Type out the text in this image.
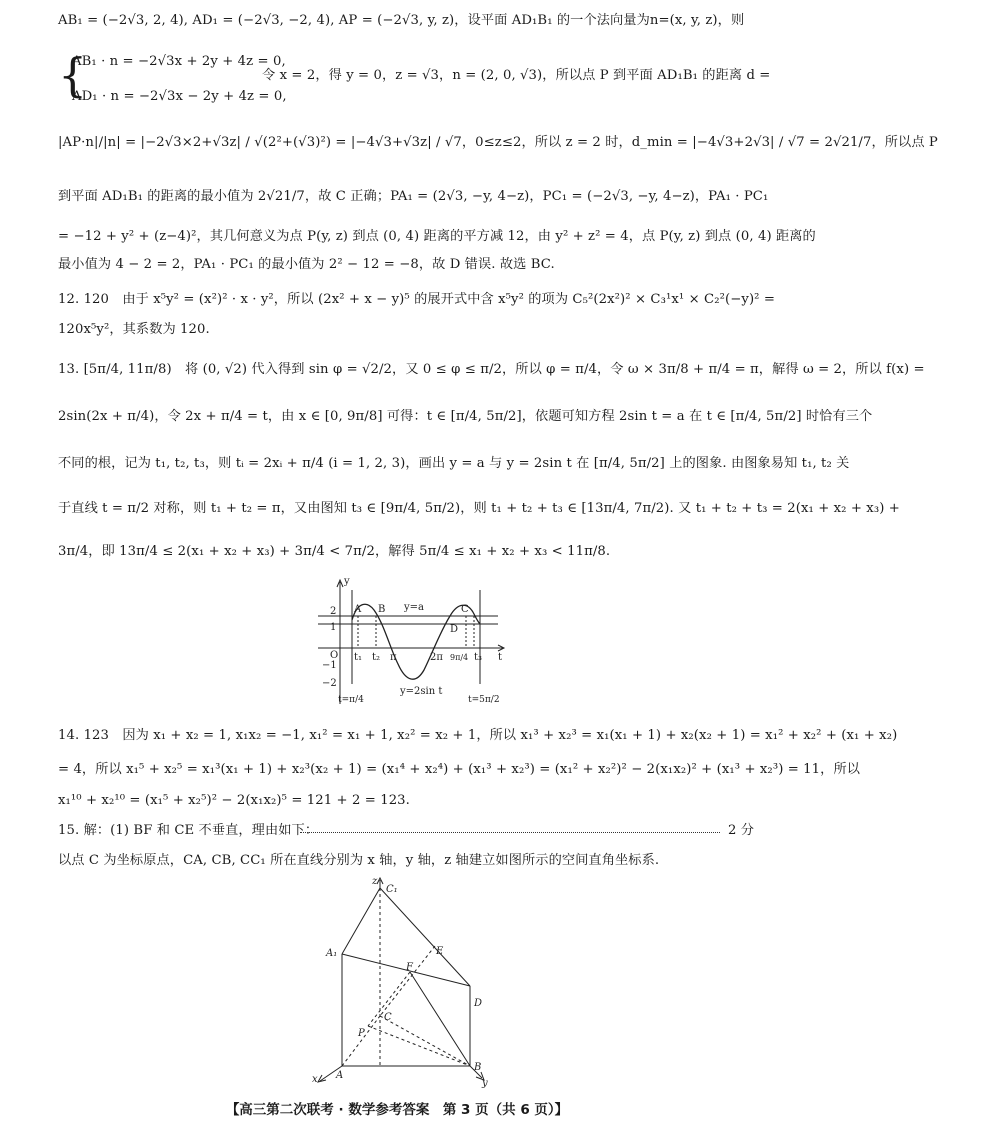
AB₁ = (−2√3, 2, 4), AD₁ = (−2√3, −2, 4), AP = (−2√3, y, z)，设平面 AD₁B₁ 的一个法向量为n=(x, y, z)，则
{
AB₁ · n = −2√3x + 2y + 4z = 0,
令 x = 2，得 y = 0，z = √3，n = (2, 0, √3)，所以点 P 到平面 AD₁B₁ 的距离 d =
AD₁ · n = −2√3x − 2y + 4z = 0,
|AP·n|/|n| = |−2√3×2+√3z| / √(2²+(√3)²) = |−4√3+√3z| / √7，0≤z≤2，所以 z = 2 时，d_min = |−4√3+2√3| / √7 = 2√21/7，所以点 P
到平面 AD₁B₁ 的距离的最小值为 2√21/7，故 C 正确；PA₁ = (2√3, −y, 4−z)，PC₁ = (−2√3, −y, 4−z)，PA₁ · PC₁
= −12 + y² + (z−4)²，其几何意义为点 P(y, z) 到点 (0, 4) 距离的平方减 12，由 y² + z² = 4，点 P(y, z) 到点 (0, 4) 距离的
最小值为 4 − 2 = 2，PA₁ · PC₁ 的最小值为 2² − 12 = −8，故 D 错误. 故选 BC.
12. 120　由于 x⁵y² = (x²)² · x · y²，所以 (2x² + x − y)⁵ 的展开式中含 x⁵y² 的项为 C₅²(2x²)² × C₃¹x¹ × C₂²(−y)² =
120x⁵y²，其系数为 120.
13. [5π/4, 11π/8)　将 (0, √2) 代入得到 sin φ = √2/2，又 0 ≤ φ ≤ π/2，所以 φ = π/4，令 ω × 3π/8 + π/4 = π，解得 ω = 2，所以 f(x) =
2sin(2x + π/4)，令 2x + π/4 = t，由 x ∈ [0, 9π/8] 可得：t ∈ [π/4, 5π/2]，依题可知方程 2sin t = a 在 t ∈ [π/4, 5π/2] 时恰有三个
不同的根，记为 t₁, t₂, t₃，则 tᵢ = 2xᵢ + π/4 (i = 1, 2, 3)，画出 y = a 与 y = 2sin t 在 [π/4, 5π/2] 上的图象. 由图象易知 t₁, t₂ 关
于直线 t = π/2 对称，则 t₁ + t₂ = π，又由图知 t₃ ∈ [9π/4, 5π/2)，则 t₁ + t₂ + t₃ ∈ [13π/4, 7π/2). 又 t₁ + t₂ + t₃ = 2(x₁ + x₂ + x₃) +
3π/4，即 13π/4 ≤ 2(x₁ + x₂ + x₃) + 3π/4 < 7π/2，解得 5π/4 ≤ x₁ + x₂ + x₃ < 11π/8.
y
t
O
2
1
−1
−2
y=a
y=2sin t
A B	C
D
t₁ t₂ π	2π 9π/4 t₃
t=π/4	t=5π/2
14. 123　因为 x₁ + x₂ = 1, x₁x₂ = −1, x₁² = x₁ + 1, x₂² = x₂ + 1，所以 x₁³ + x₂³ = x₁(x₁ + 1) + x₂(x₂ + 1) = x₁² + x₂² + (x₁ + x₂)
= 4，所以 x₁⁵ + x₂⁵ = x₁³(x₁ + 1) + x₂³(x₂ + 1) = (x₁⁴ + x₂⁴) + (x₁³ + x₂³) = (x₁² + x₂²)² − 2(x₁x₂)² + (x₁³ + x₂³) = 11，所以
x₁¹⁰ + x₂¹⁰ = (x₁⁵ + x₂⁵)² − 2(x₁x₂)⁵ = 121 + 2 = 123.
15. 解：(1) BF 和 CE 不垂直，理由如下：	2 分
以点 C 为坐标原点，CA, CB, CC₁ 所在直线分别为 x 轴，y 轴，z 轴建立如图所示的空间直角坐标系.
z
C₁
A₁	E
F
C
D
P
A
B
x	y
【高三第二次联考 · 数学参考答案　第 3 页（共 6 页）】
